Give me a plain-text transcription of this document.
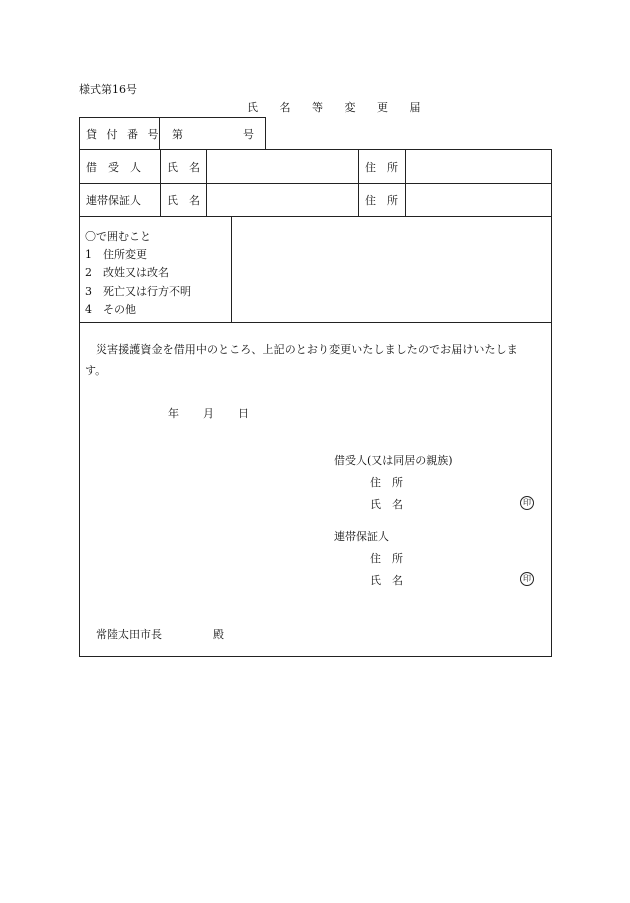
様式第16号
氏 名 等 変 更 届
貸 付 番 号 第	号
借　受　人 氏　名	住　所
連帯保証人 氏　名	住　所
〇で囲むこと
1　住所変更
2　改姓又は改名
3　死亡又は行方不明
4　その他
災害援護資金を借用中のところ、上記のとおり変更いたしましたのでお届けいたしま
す。
年 月 日
借受人(又は同居の親族)
住　所
氏　名	印
連帯保証人
住　所
氏　名	印
常陸太田市長	殿
